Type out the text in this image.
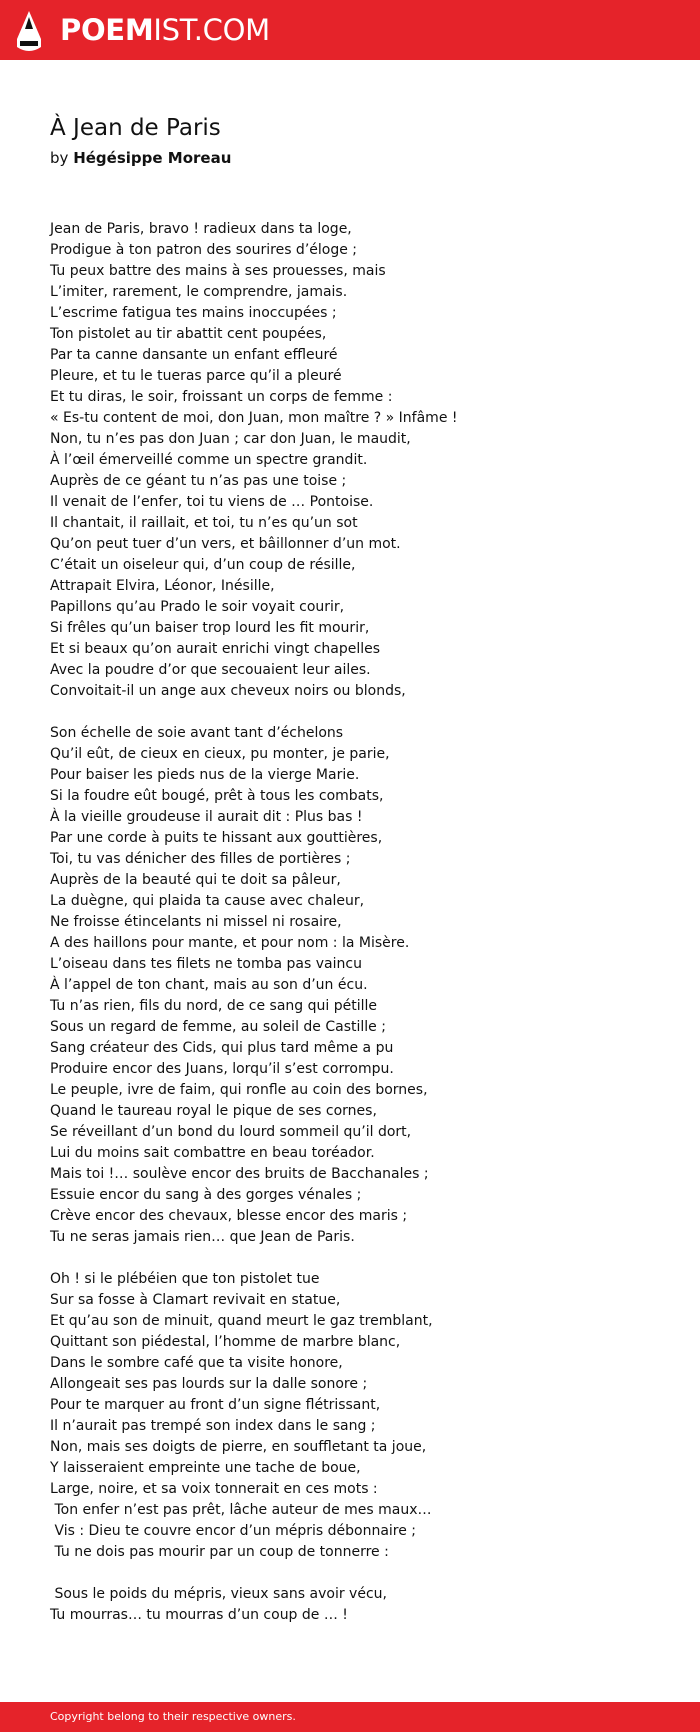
POEMIST.COM
À Jean de Paris
by Hégésippe Moreau
Jean de Paris, bravo ! radieux dans ta loge,
Prodigue à ton patron des sourires d’éloge ;
Tu peux battre des mains à ses prouesses, mais
L’imiter, rarement, le comprendre, jamais.
L’escrime fatigua tes mains inoccupées ;
Ton pistolet au tir abattit cent poupées,
Par ta canne dansante un enfant effleuré
Pleure, et tu le tueras parce qu’il a pleuré
Et tu diras, le soir, froissant un corps de femme :
« Es-tu content de moi, don Juan, mon maître ? » Infâme !
Non, tu n’es pas don Juan ; car don Juan, le maudit,
À l’œil émerveillé comme un spectre grandit.
Auprès de ce géant tu n’as pas une toise ;
Il venait de l’enfer, toi tu viens de … Pontoise.
Il chantait, il raillait, et toi, tu n’es qu’un sot
Qu’on peut tuer d’un vers, et bâillonner d’un mot.
C’était un oiseleur qui, d’un coup de résille,
Attrapait Elvira, Léonor, Inésille,
Papillons qu’au Prado le soir voyait courir,
Si frêles qu’un baiser trop lourd les fit mourir,
Et si beaux qu’on aurait enrichi vingt chapelles
Avec la poudre d’or que secouaient leur ailes.
Convoitait-il un ange aux cheveux noirs ou blonds,
Son échelle de soie avant tant d’échelons
Qu’il eût, de cieux en cieux, pu monter, je parie,
Pour baiser les pieds nus de la vierge Marie.
Si la foudre eût bougé, prêt à tous les combats,
À la vieille groudeuse il aurait dit : Plus bas !
Par une corde à puits te hissant aux gouttières,
Toi, tu vas dénicher des filles de portières ;
Auprès de la beauté qui te doit sa pâleur,
La duègne, qui plaida ta cause avec chaleur,
Ne froisse étincelants ni missel ni rosaire,
A des haillons pour mante, et pour nom : la Misère.
L’oiseau dans tes filets ne tomba pas vaincu
À l’appel de ton chant, mais au son d’un écu.
Tu n’as rien, fils du nord, de ce sang qui pétille
Sous un regard de femme, au soleil de Castille ;
Sang créateur des Cids, qui plus tard même a pu
Produire encor des Juans, lorqu’il s’est corrompu.
Le peuple, ivre de faim, qui ronfle au coin des bornes,
Quand le taureau royal le pique de ses cornes,
Se réveillant d’un bond du lourd sommeil qu’il dort,
Lui du moins sait combattre en beau toréador.
Mais toi !… soulève encor des bruits de Bacchanales ;
Essuie encor du sang à des gorges vénales ;
Crève encor des chevaux, blesse encor des maris ;
Tu ne seras jamais rien… que Jean de Paris.
Oh ! si le plébéien que ton pistolet tue
Sur sa fosse à Clamart revivait en statue,
Et qu’au son de minuit, quand meurt le gaz tremblant,
Quittant son piédestal, l’homme de marbre blanc,
Dans le sombre café que ta visite honore,
Allongeait ses pas lourds sur la dalle sonore ;
Pour te marquer au front d’un signe flétrissant,
Il n’aurait pas trempé son index dans le sang ;
Non, mais ses doigts de pierre, en souffletant ta joue,
Y laisseraient empreinte une tache de boue,
Large, noire, et sa voix tonnerait en ces mots :
Ton enfer n’est pas prêt, lâche auteur de mes maux…
Vis : Dieu te couvre encor d’un mépris débonnaire ;
Tu ne dois pas mourir par un coup de tonnerre :
Sous le poids du mépris, vieux sans avoir vécu,
Tu mourras… tu mourras d’un coup de … !
Copyright belong to their respective owners.
